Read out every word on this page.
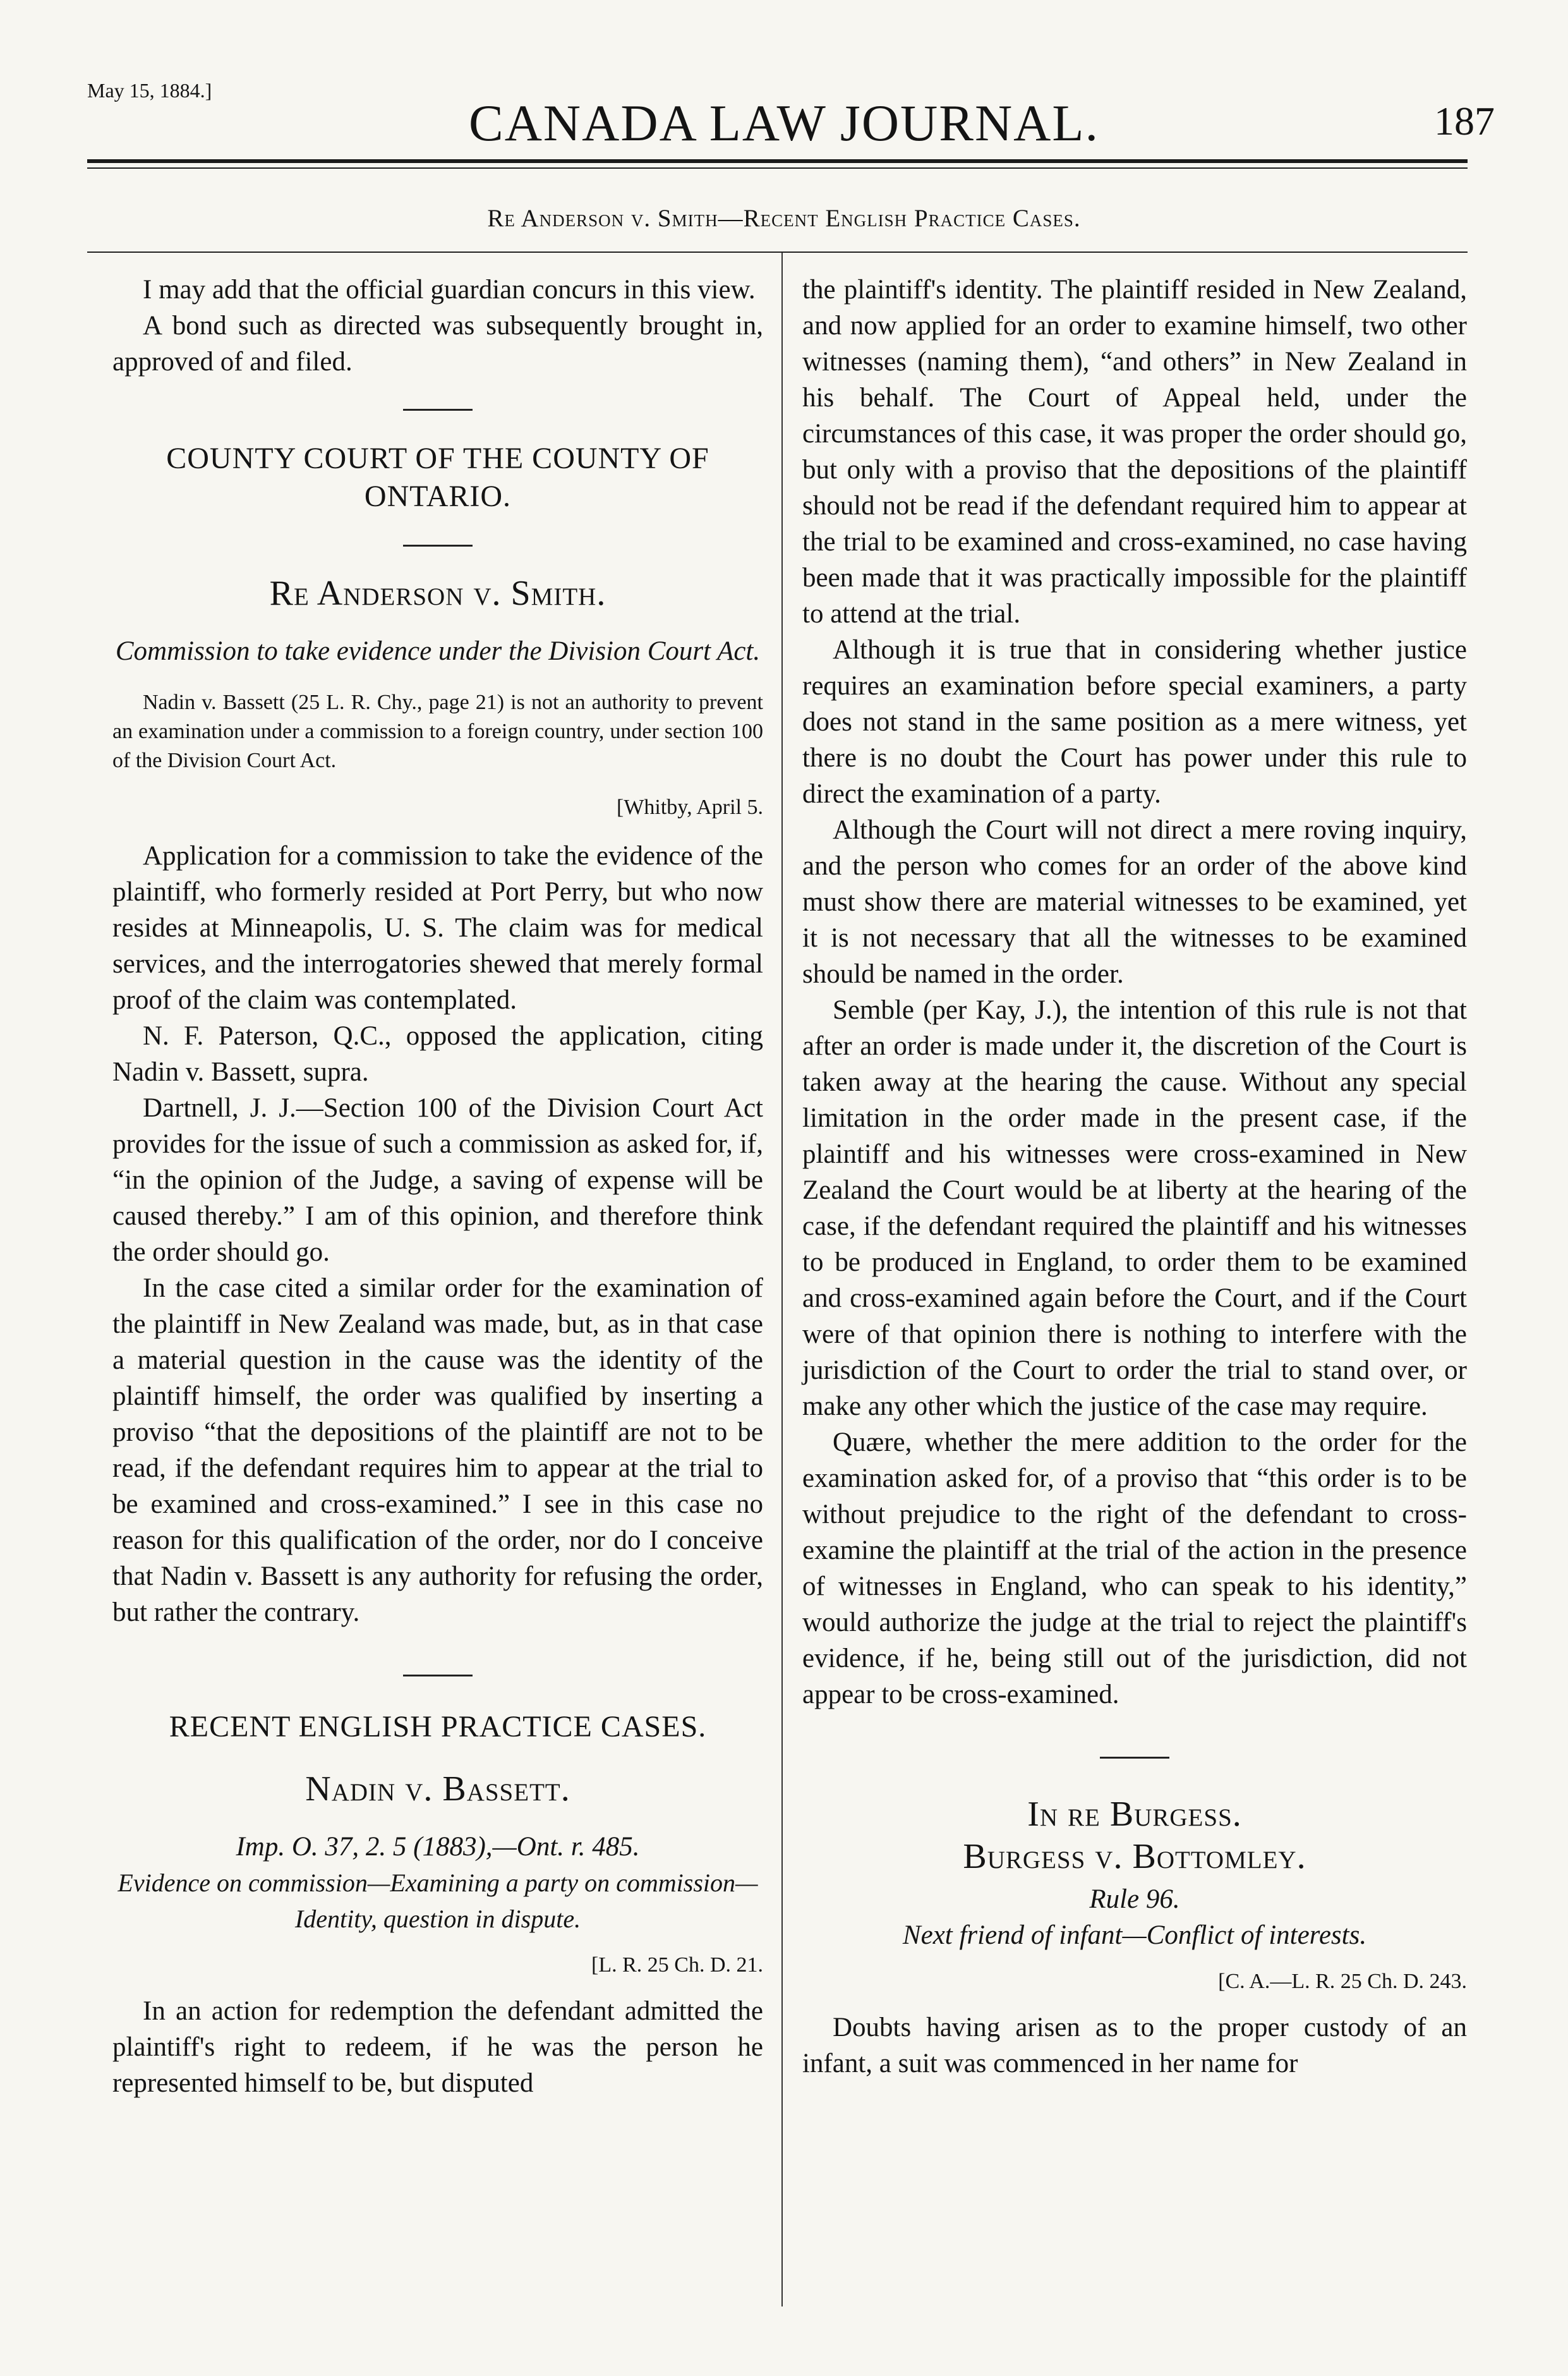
May 15, 1884.]
CANADA LAW JOURNAL.	187
Re Anderson v. Smith—Recent English Practice Cases.

I may add that the official guardian concurs in this view.

A bond such as directed was subsequently brought in, approved of and filed.

COUNTY COURT OF THE COUNTY OF ONTARIO.
Re Anderson v. Smith.

Commission to take evidence under the Division Court Act.

Nadin v. Bassett (25 L. R. Chy., page 21) is not an authority to prevent an examination under a commission to a foreign country, under section 100 of the Division Court Act.

[Whitby, April 5.

Application for a commission to take the evidence of the plaintiff, who formerly resided at Port Perry, but who now resides at Minneapolis, U. S. The claim was for medical services, and the interrogatories shewed that merely formal proof of the claim was contemplated.

N. F. Paterson, Q.C., opposed the application, citing Nadin v. Bassett, supra.

Dartnell, J. J.—Section 100 of the Division Court Act provides for the issue of such a commission as asked for, if, “in the opinion of the Judge, a saving of expense will be caused thereby.” I am of this opinion, and therefore think the order should go.

In the case cited a similar order for the examination of the plaintiff in New Zealand was made, but, as in that case a material question in the cause was the identity of the plaintiff himself, the order was qualified by inserting a proviso “that the depositions of the plaintiff are not to be read, if the defendant requires him to appear at the trial to be examined and cross-examined.” I see in this case no reason for this qualification of the order, nor do I conceive that Nadin v. Bassett is any authority for refusing the order, but rather the contrary.

RECENT ENGLISH PRACTICE CASES.
Nadin v. Bassett.

Imp. O. 37, 2. 5 (1883),—Ont. r. 485.

Evidence on commission—Examining a party on commission—Identity, question in dispute.

[L. R. 25 Ch. D. 21.

In an action for redemption the defendant admitted the plaintiff's right to redeem, if he was the person he represented himself to be, but disputed

the plaintiff's identity. The plaintiff resided in New Zealand, and now applied for an order to examine himself, two other witnesses (naming them), “and others” in New Zealand in his behalf. The Court of Appeal held, under the circumstances of this case, it was proper the order should go, but only with a proviso that the depositions of the plaintiff should not be read if the defendant required him to appear at the trial to be examined and cross-examined, no case having been made that it was practically impossible for the plaintiff to attend at the trial.

Although it is true that in considering whether justice requires an examination before special examiners, a party does not stand in the same position as a mere witness, yet there is no doubt the Court has power under this rule to direct the examination of a party.

Although the Court will not direct a mere roving inquiry, and the person who comes for an order of the above kind must show there are material witnesses to be examined, yet it is not necessary that all the witnesses to be examined should be named in the order.

Semble (per Kay, J.), the intention of this rule is not that after an order is made under it, the discretion of the Court is taken away at the hearing the cause. Without any special limitation in the order made in the present case, if the plaintiff and his witnesses were cross-examined in New Zealand the Court would be at liberty at the hearing of the case, if the defendant required the plaintiff and his witnesses to be produced in England, to order them to be examined and cross-examined again before the Court, and if the Court were of that opinion there is nothing to interfere with the jurisdiction of the Court to order the trial to stand over, or make any other which the justice of the case may require.

Quære, whether the mere addition to the order for the examination asked for, of a proviso that “this order is to be without prejudice to the right of the defendant to cross-examine the plaintiff at the trial of the action in the presence of witnesses in England, who can speak to his identity,” would authorize the judge at the trial to reject the plaintiff's evidence, if he, being still out of the jurisdiction, did not appear to be cross-examined.

In re Burgess.
Burgess v. Bottomley.

Rule 96.

Next friend of infant—Conflict of interests.

[C. A.—L. R. 25 Ch. D. 243.

Doubts having arisen as to the proper custody of an infant, a suit was commenced in her name for
